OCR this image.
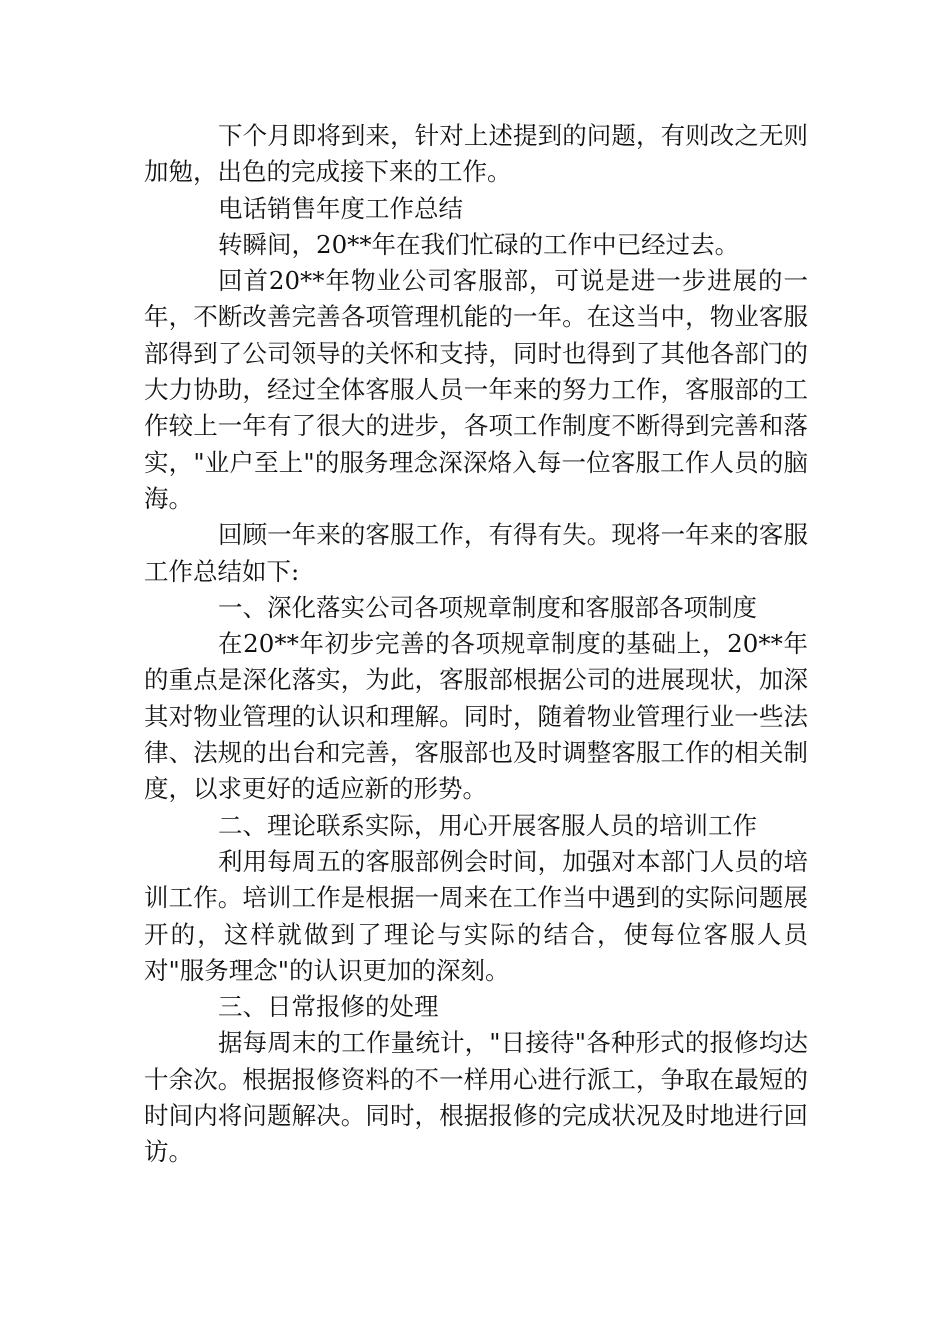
下个月即将到来，针对上述提到的问题，有则改之无则加勉，出色的完成接下来的工作。

电话销售年度工作总结

转瞬间，20**年在我们忙碌的工作中已经过去。

回首20**年物业公司客服部，可说是进一步进展的一年，不断改善完善各项管理机能的一年。在这当中，物业客服部得到了公司领导的关怀和支持，同时也得到了其他各部门的大力协助，经过全体客服人员一年来的努力工作，客服部的工作较上一年有了很大的进步，各项工作制度不断得到完善和落实，"业户至上"的服务理念深深烙入每一位客服工作人员的脑海。

回顾一年来的客服工作，有得有失。现将一年来的客服工作总结如下:

一、深化落实公司各项规章制度和客服部各项制度

在20**年初步完善的各项规章制度的基础上，20**年的重点是深化落实，为此，客服部根据公司的进展现状，加深其对物业管理的认识和理解。同时，随着物业管理行业一些法律、法规的出台和完善，客服部也及时调整客服工作的相关制度，以求更好的适应新的形势。

二、理论联系实际，用心开展客服人员的培训工作

利用每周五的客服部例会时间，加强对本部门人员的培训工作。培训工作是根据一周来在工作当中遇到的实际问题展开的，这样就做到了理论与实际的结合，使每位客服人员对"服务理念"的认识更加的深刻。

三、日常报修的处理

据每周末的工作量统计，"日接待"各种形式的报修均达十余次。根据报修资料的不一样用心进行派工，争取在最短的时间内将问题解决。同时，根据报修的完成状况及时地进行回访。
